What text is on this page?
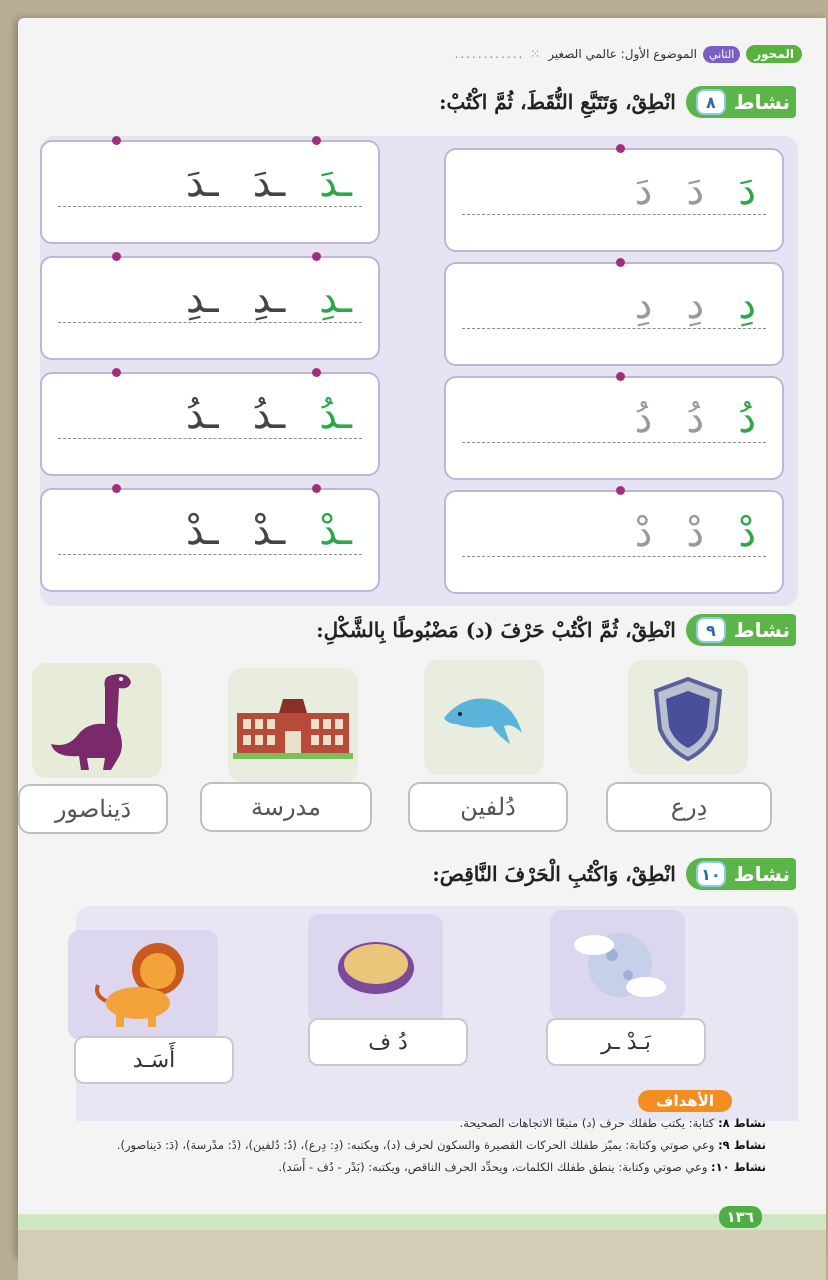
المحور
الثاني
الموضوع الأول: عالمي الصغير
⁙ ............
نشاط
٨
انْطِقْ، وَتَتَبَّعِ النُّقَطَ، ثُمَّ اكْتُبْ:
دَ
دَ
دَ
دِ
دِ
دِ
دُ
دُ
دُ
دْ
دْ
دْ
ـدَ
ـدَ
ـدَ
ـدِ
ـدِ
ـدِ
ـدُ
ـدُ
ـدُ
ـدْ
ـدْ
ـدْ
نشاط
٩
انْطِقْ، ثُمَّ اكْتُبْ حَرْفَ (د) مَضْبُوطًا بِالشَّكْلِ:
دِرع
دُلفين
مدرسة
دَيناصور
نشاط
١٠
انْطِقْ، وَاكْتُبِ الْحَرْفَ النَّاقِصَ:
بَـدْ ـر
دُ ف
أَسَـد
الأهداف
نشاط ٨: كتابة: يكتب طفلك حرف (د) متبعًا الاتجاهات الصحيحة.
نشاط ٩: وعي صوتي وكتابة: يميّز طفلك الحركات القصيرة والسكون لحرف (د)، ويكتبه: (دِ: دِرع)، (دُ: دُلفين)، (دْ: مدْرسة)، (دَ: دَيناصور).
نشاط ١٠: وعي صوتي وكتابة: ينطق طفلك الكلمات، ويحدِّد الحرف الناقص، ويكتبه: (بَدْر - دُف - أَسَد).
١٣٦
